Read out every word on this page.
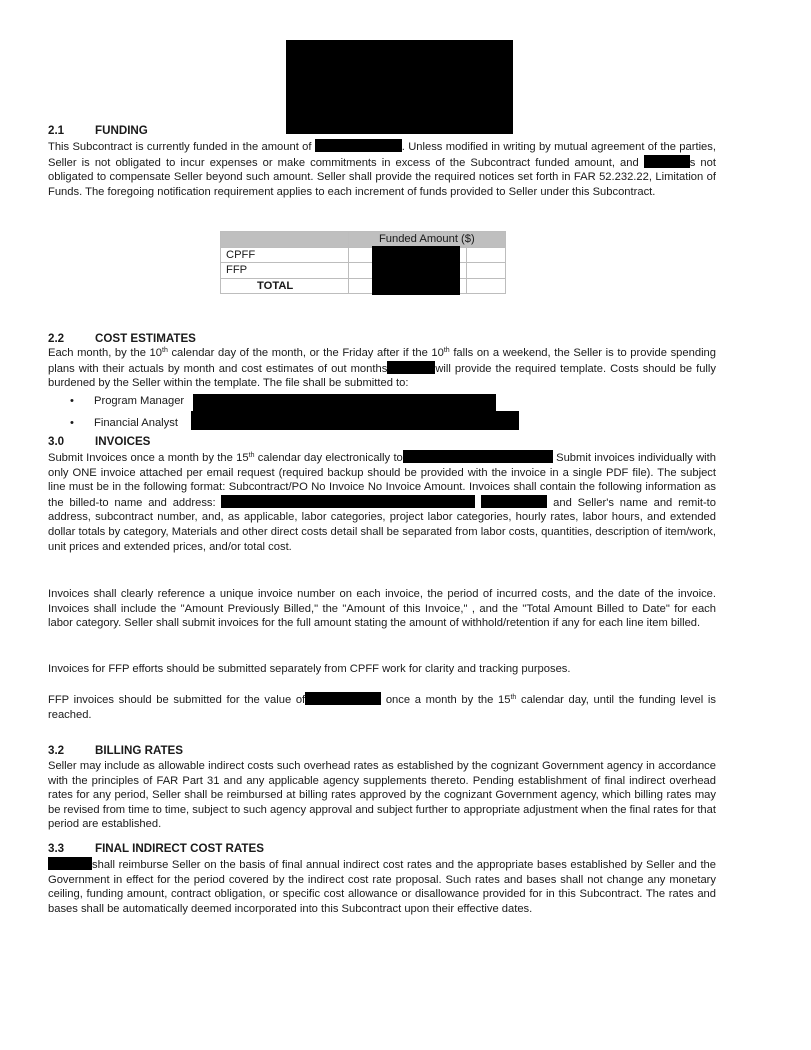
2.1	FUNDING
This Subcontract is currently funded in the amount of	. Unless modified in writing by mutual agreement of the parties, Seller is not obligated to incur expenses or make commitments in excess of the Subcontract funded amount, and	s not obligated to compensate Seller beyond such amount. Seller shall provide the required notices set forth in FAR 52.232.22, Limitation of Funds. The foregoing notification requirement applies to each increment of funds provided to Seller under this Subcontract.
	Funded Amount ($)		
CPFF			
FFP			
TOTAL			
2.2	COST ESTIMATES
Each month, by the 10th calendar day of the month, or the Friday after if the 10th falls on a weekend, the Seller is to provide spending plans with their actuals by month and cost estimates of out months	will provide the required template. Costs should be fully burdened by the Seller within the template. The file shall be submitted to:
• Program Manager
• Financial Analyst
3.0	INVOICES
Submit Invoices once a month by the 15th calendar day electronically to	Submit invoices individually with only ONE invoice attached per email request (required backup should be provided with the invoice in a single PDF file). The subject line must be in the following format: Subcontract/PO No Invoice No Invoice Amount. Invoices shall contain the following information as the billed-to name and address:	and Seller's name and remit-to address, subcontract number, and, as applicable, labor categories, project labor categories, hourly rates, labor hours, and extended dollar totals by category, Materials and other direct costs detail shall be separated from labor costs, quantities, description of item/work, unit prices and extended prices, and/or total cost.
Invoices shall clearly reference a unique invoice number on each invoice, the period of incurred costs, and the date of the invoice. Invoices shall include the "Amount Previously Billed," the "Amount of this Invoice," , and the "Total Amount Billed to Date" for each labor category. Seller shall submit invoices for the full amount stating the amount of withhold/retention if any for each line item billed.
Invoices for FFP efforts should be submitted separately from CPFF work for clarity and tracking purposes.
FFP invoices should be submitted for the value of	once a month by the 15th calendar day, until the funding level is reached.
3.2	BILLING RATES
Seller may include as allowable indirect costs such overhead rates as established by the cognizant Government agency in accordance with the principles of FAR Part 31 and any applicable agency supplements thereto. Pending establishment of final indirect overhead rates for any period, Seller shall be reimbursed at billing rates approved by the cognizant Government agency, which billing rates may be revised from time to time, subject to such agency approval and subject further to appropriate adjustment when the final rates for that period are established.
3.3	FINAL INDIRECT COST RATES
shall reimburse Seller on the basis of final annual indirect cost rates and the appropriate bases established by Seller and the Government in effect for the period covered by the indirect cost rate proposal. Such rates and bases shall not change any monetary ceiling, funding amount, contract obligation, or specific cost allowance or disallowance provided for in this Subcontract. The rates and bases shall be automatically deemed incorporated into this Subcontract upon their effective dates.
